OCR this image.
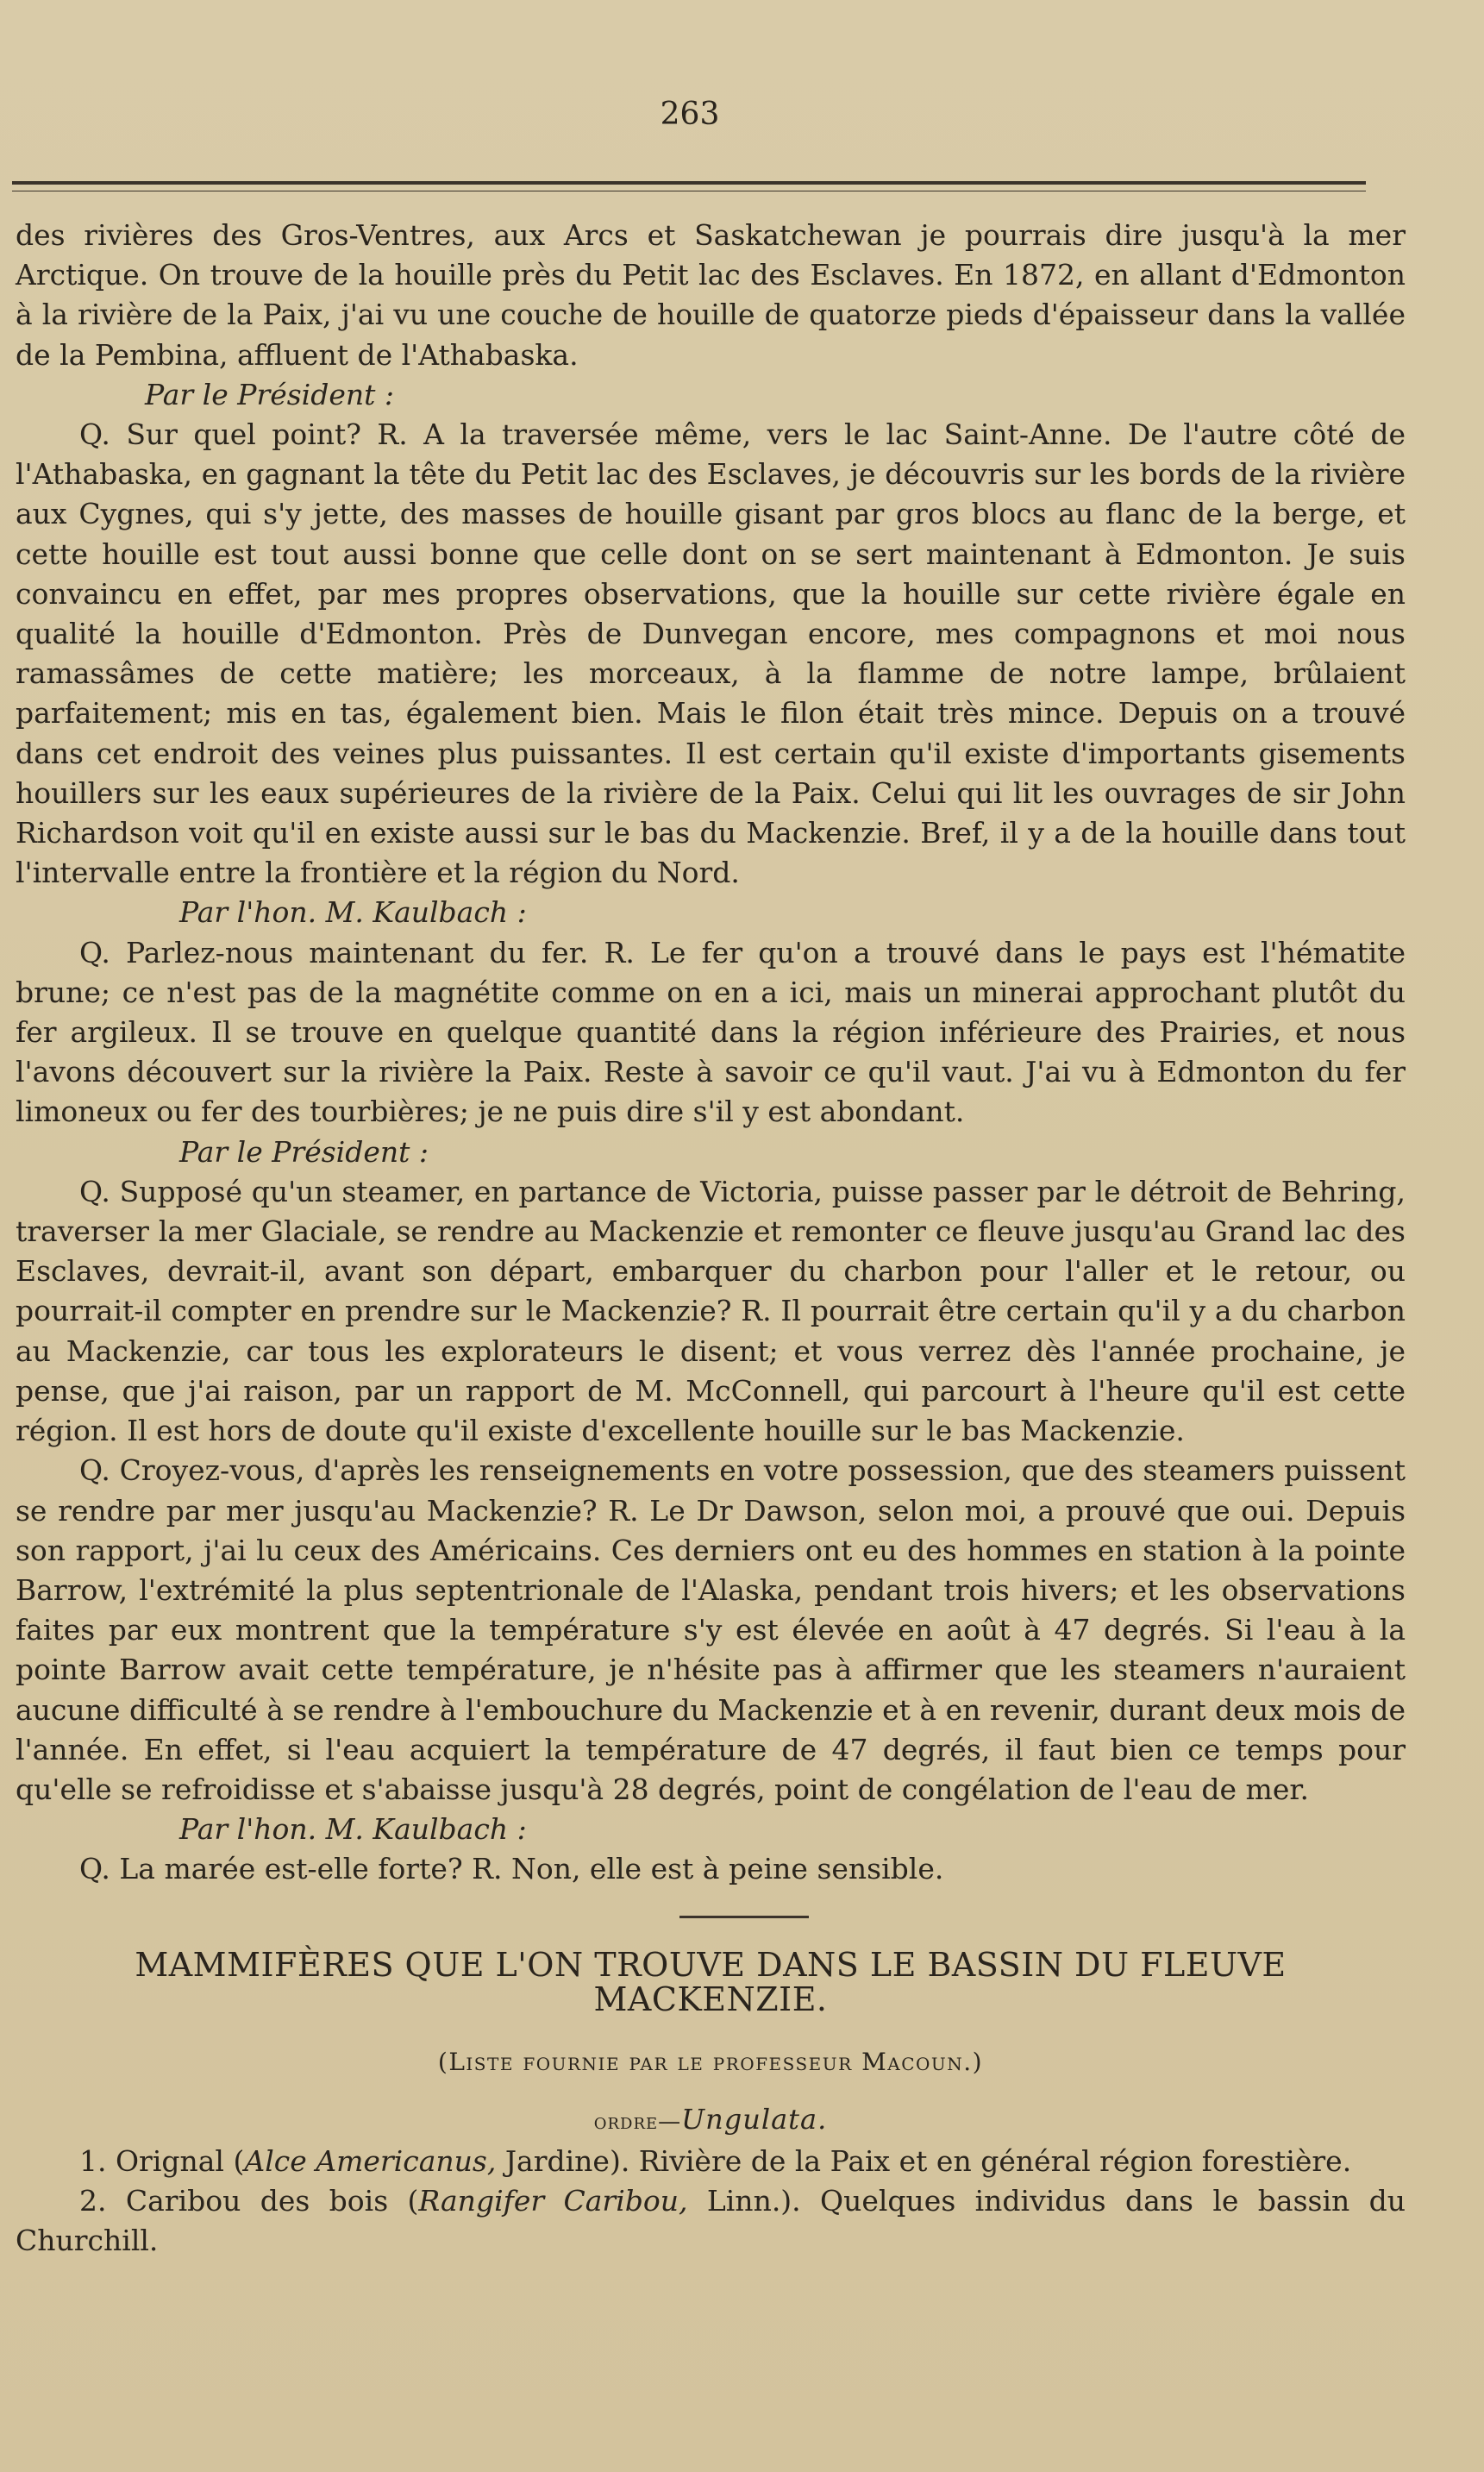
263

des rivières des Gros-Ventres, aux Arcs et Saskatchewan je pourrais dire jusqu'à la mer Arctique. On trouve de la houille près du Petit lac des Esclaves. En 1872, en allant d'Edmonton à la rivière de la Paix, j'ai vu une couche de houille de quatorze pieds d'épaisseur dans la vallée de la Pembina, affluent de l'Athabaska.

Par le Président :

Q. Sur quel point? R. A la traversée même, vers le lac Saint-Anne. De l'autre côté de l'Athabaska, en gagnant la tête du Petit lac des Esclaves, je découvris sur les bords de la rivière aux Cygnes, qui s'y jette, des masses de houille gisant par gros blocs au flanc de la berge, et cette houille est tout aussi bonne que celle dont on se sert maintenant à Edmonton. Je suis convaincu en effet, par mes propres observations, que la houille sur cette rivière égale en qualité la houille d'Edmonton. Près de Dunvegan encore, mes compagnons et moi nous ramassâmes de cette matière; les morceaux, à la flamme de notre lampe, brûlaient parfaitement; mis en tas, également bien. Mais le filon était très mince. Depuis on a trouvé dans cet endroit des veines plus puissantes. Il est certain qu'il existe d'importants gisements houillers sur les eaux supérieures de la rivière de la Paix. Celui qui lit les ouvrages de sir John Richardson voit qu'il en existe aussi sur le bas du Mackenzie. Bref, il y a de la houille dans tout l'intervalle entre la frontière et la région du Nord.

Par l'hon. M. Kaulbach :

Q. Parlez-nous maintenant du fer. R. Le fer qu'on a trouvé dans le pays est l'hématite brune; ce n'est pas de la magnétite comme on en a ici, mais un minerai approchant plutôt du fer argileux. Il se trouve en quelque quantité dans la région inférieure des Prairies, et nous l'avons découvert sur la rivière la Paix. Reste à savoir ce qu'il vaut. J'ai vu à Edmonton du fer limoneux ou fer des tourbières; je ne puis dire s'il y est abondant.

Par le Président :

Q. Supposé qu'un steamer, en partance de Victoria, puisse passer par le détroit de Behring, traverser la mer Glaciale, se rendre au Mackenzie et remonter ce fleuve jusqu'au Grand lac des Esclaves, devrait-il, avant son départ, embarquer du charbon pour l'aller et le retour, ou pourrait-il compter en prendre sur le Mackenzie? R. Il pourrait être certain qu'il y a du charbon au Mackenzie, car tous les explorateurs le disent; et vous verrez dès l'année prochaine, je pense, que j'ai raison, par un rapport de M. McConnell, qui parcourt à l'heure qu'il est cette région. Il est hors de doute qu'il existe d'excellente houille sur le bas Mackenzie.

Q. Croyez-vous, d'après les renseignements en votre possession, que des steamers puissent se rendre par mer jusqu'au Mackenzie? R. Le Dr Dawson, selon moi, a prouvé que oui. Depuis son rapport, j'ai lu ceux des Américains. Ces derniers ont eu des hommes en station à la pointe Barrow, l'extrémité la plus septentrionale de l'Alaska, pendant trois hivers; et les observations faites par eux montrent que la température s'y est élevée en août à 47 degrés. Si l'eau à la pointe Barrow avait cette température, je n'hésite pas à affirmer que les steamers n'auraient aucune difficulté à se rendre à l'embouchure du Mackenzie et à en revenir, durant deux mois de l'année. En effet, si l'eau acquiert la température de 47 degrés, il faut bien ce temps pour qu'elle se refroidisse et s'abaisse jusqu'à 28 degrés, point de congélation de l'eau de mer.

Par l'hon. M. Kaulbach :

Q. La marée est-elle forte? R. Non, elle est à peine sensible.

MAMMIFÈRES QUE L'ON TROUVE DANS LE BASSIN DU FLEUVE
MACKENZIE.
(Liste fournie par le professeur Macoun.)
ordre—Ungulata.

1. Orignal (Alce Americanus, Jardine). Rivière de la Paix et en général région forestière.

2. Caribou des bois (Rangifer Caribou, Linn.). Quelques individus dans le bassin du Churchill.
